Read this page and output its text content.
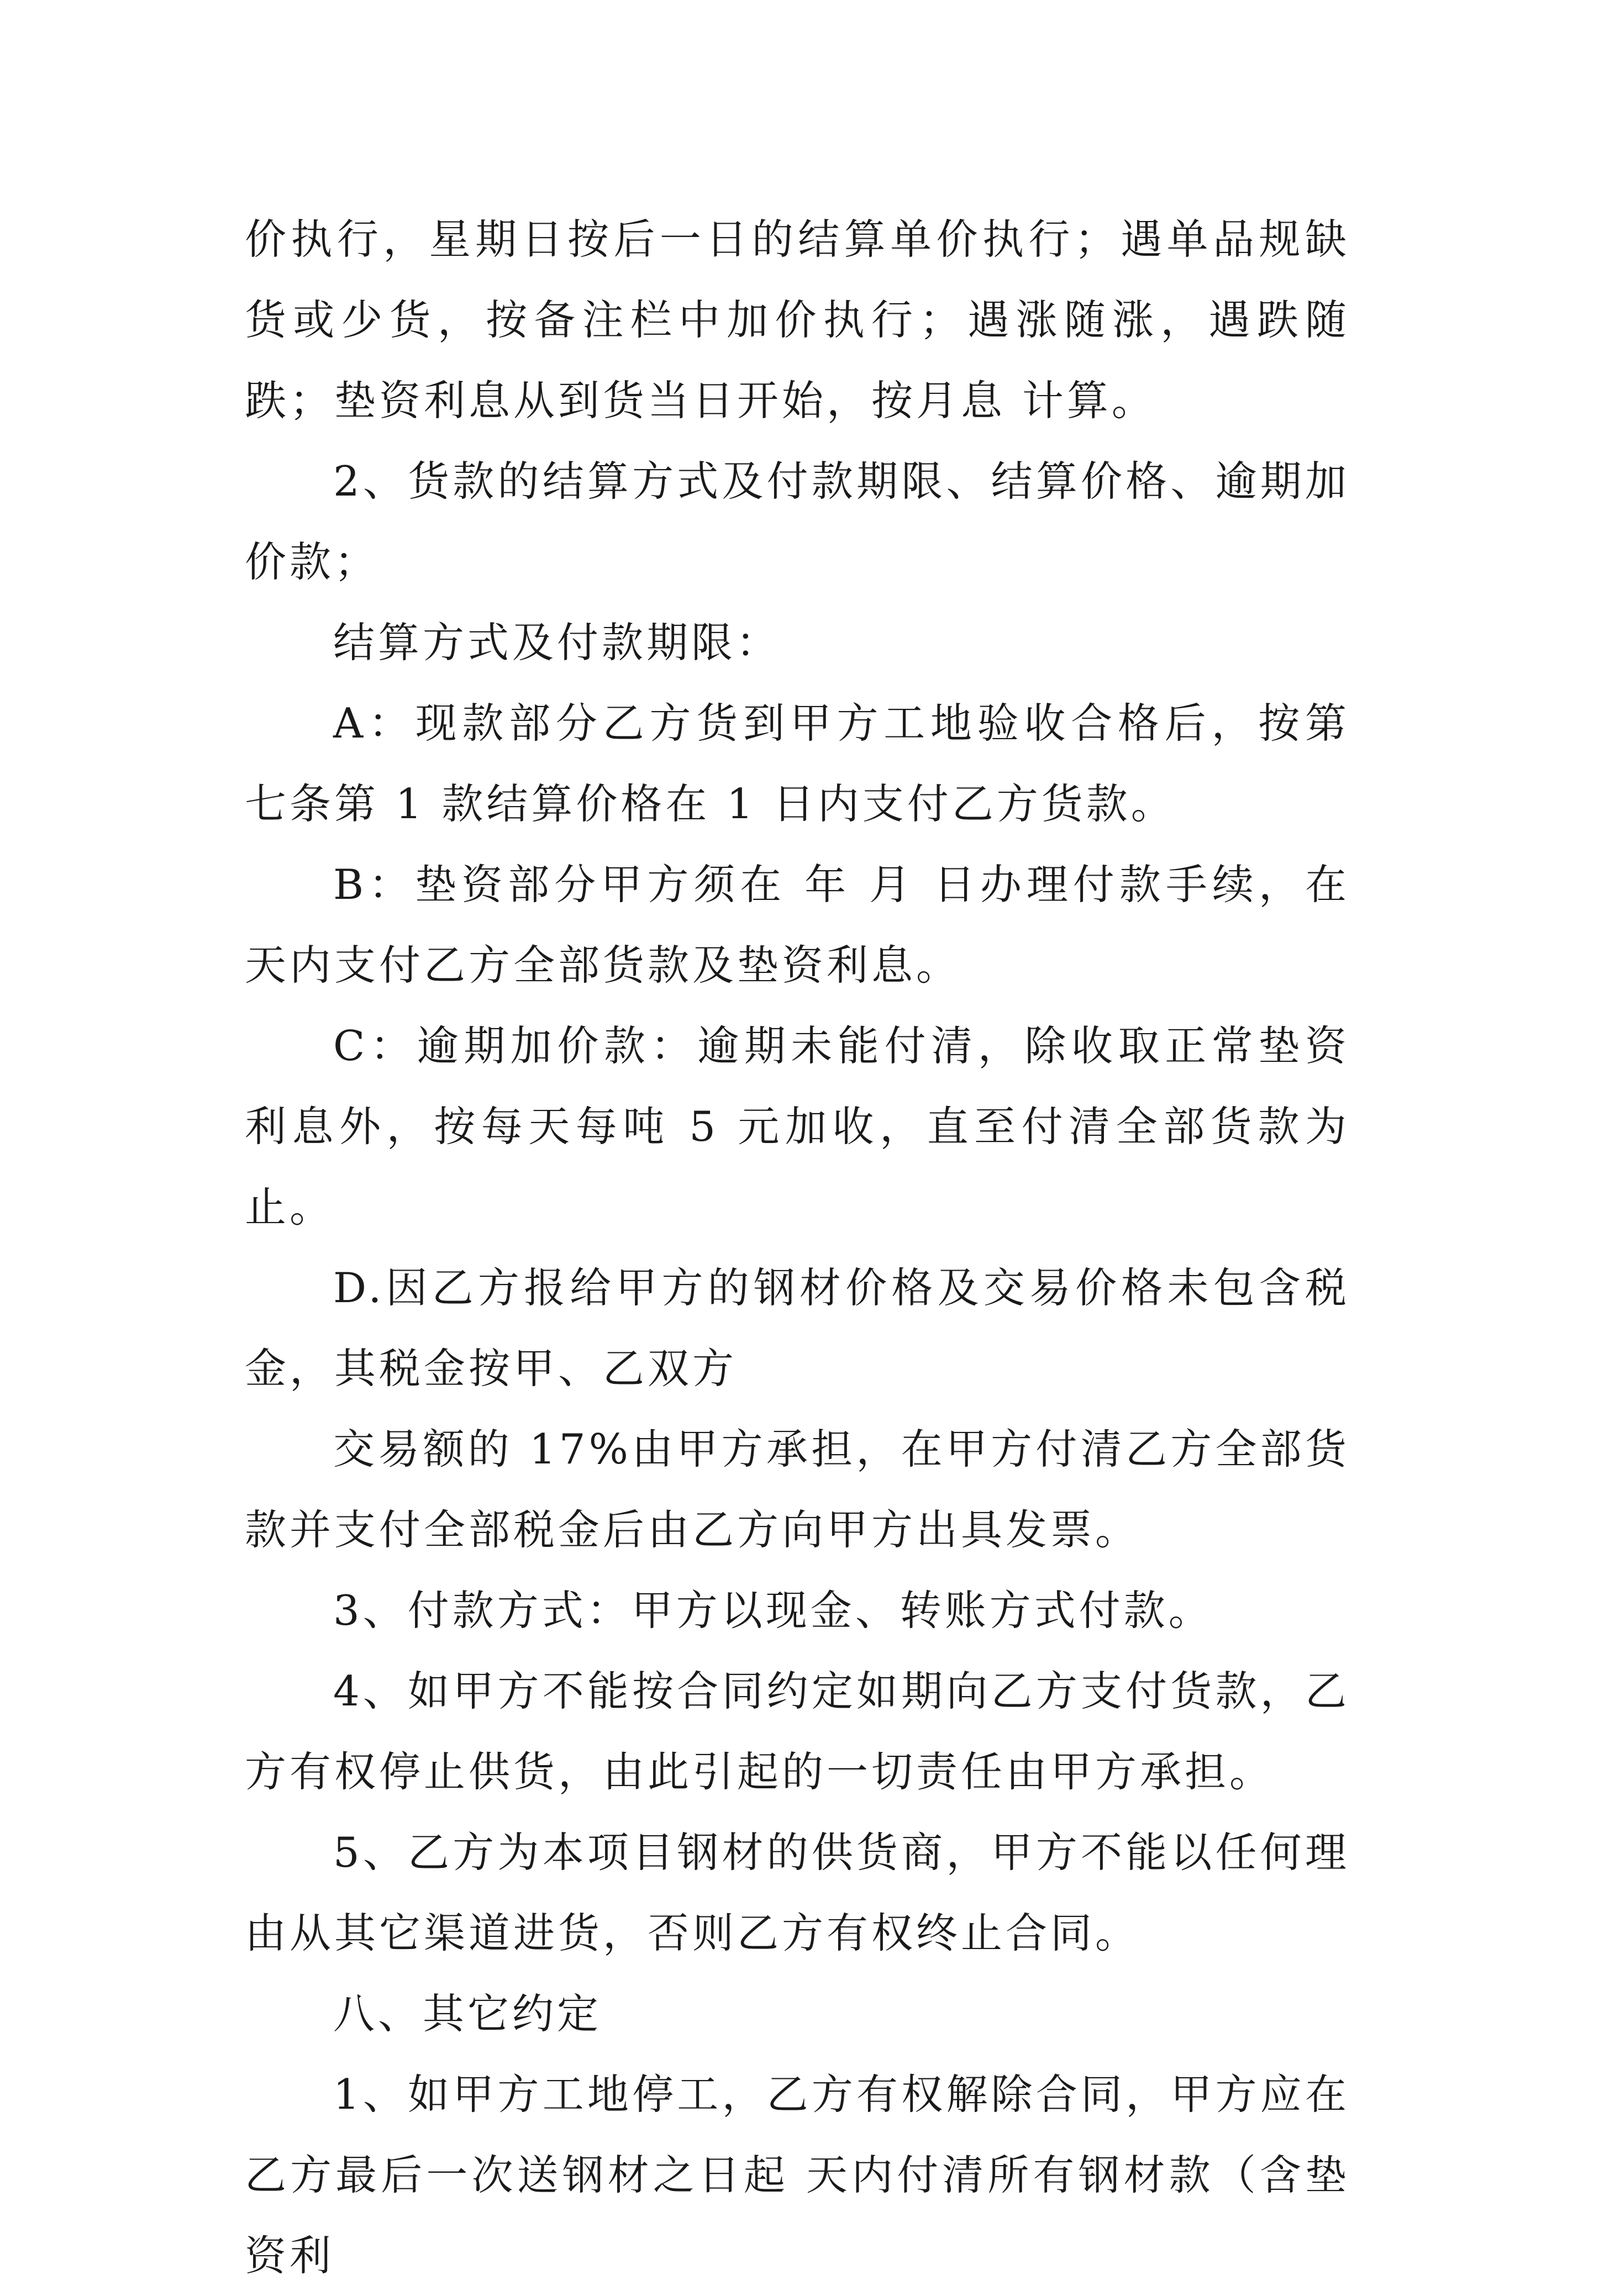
价执行，星期日按后一日的结算单价执行；遇单品规缺货或少货，按备注栏中加价执行；遇涨随涨，遇跌随跌；垫资利息从到货当日开始，按月息 计算。

2、货款的结算方式及付款期限、结算价格、逾期加价款；

结算方式及付款期限：

A：现款部分乙方货到甲方工地验收合格后，按第七条第 1 款结算价格在 1 日内支付乙方货款。

B：垫资部分甲方须在 年 月 日办理付款手续，在 天内支付乙方全部货款及垫资利息。

C：逾期加价款：逾期未能付清，除收取正常垫资利息外，按每天每吨 5 元加收，直至付清全部货款为止。

D.因乙方报给甲方的钢材价格及交易价格未包含税金，其税金按甲、乙双方

交易额的 17%由甲方承担，在甲方付清乙方全部货款并支付全部税金后由乙方向甲方出具发票。

3、付款方式：甲方以现金、转账方式付款。

4、如甲方不能按合同约定如期向乙方支付货款，乙方有权停止供货，由此引起的一切责任由甲方承担。

5、乙方为本项目钢材的供货商，甲方不能以任何理由从其它渠道进货，否则乙方有权终止合同。

八、其它约定

1、如甲方工地停工，乙方有权解除合同，甲方应在乙方最后一次送钢材之日起 天内付清所有钢材款（含垫资利
